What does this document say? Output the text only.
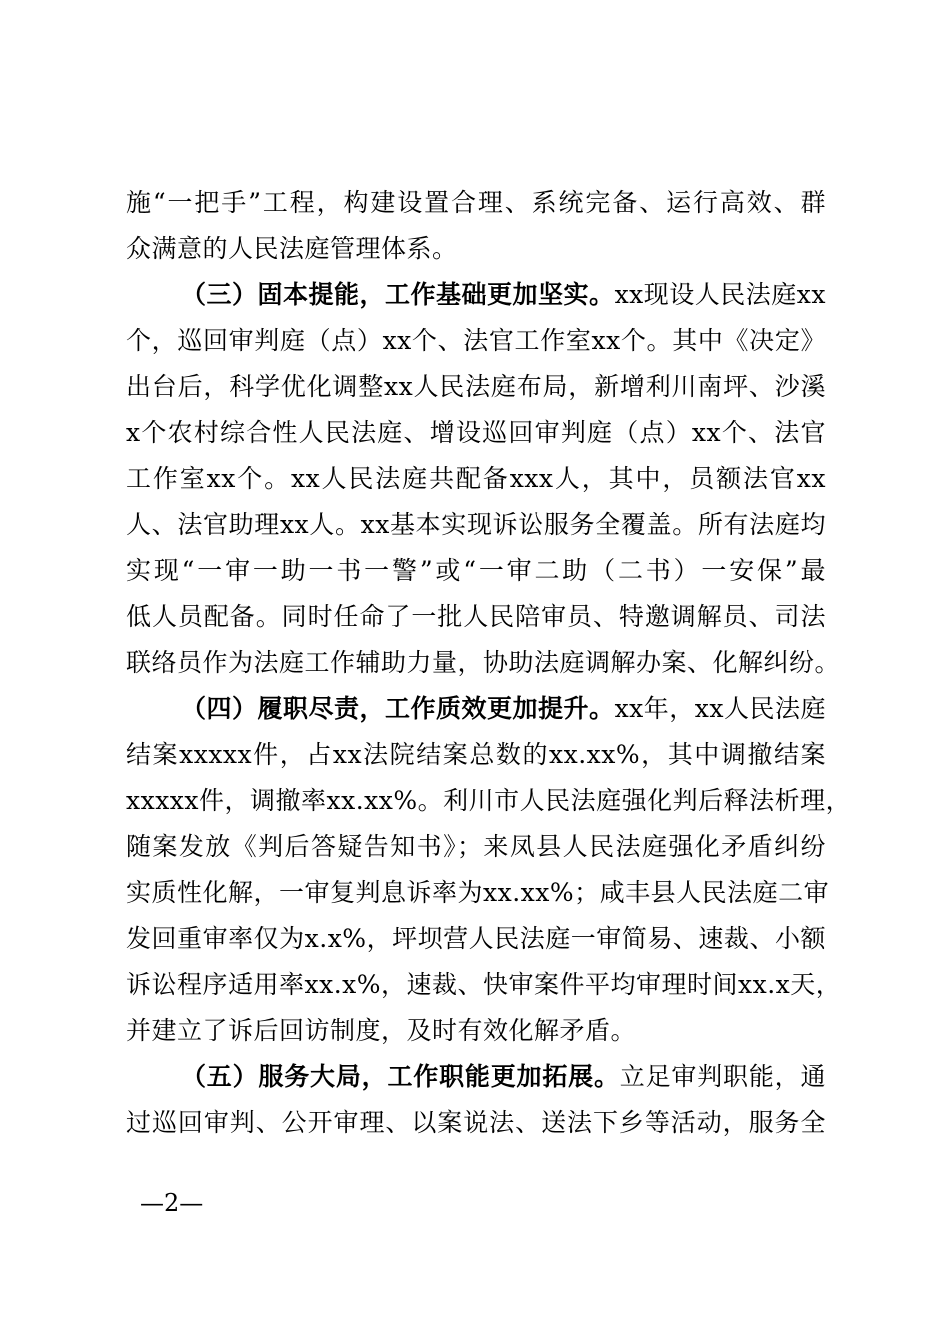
施“一把手”工程，构建设置合理、系统完备、运行高效、群
众满意的人民法庭管理体系。
（三）固本提能，工作基础更加坚实。xx现设人民法庭xx
个，巡回审判庭（点）xx个、法官工作室xx个。其中《决定》
出台后，科学优化调整xx人民法庭布局，新增利川南坪、沙溪
x个农村综合性人民法庭、增设巡回审判庭（点）xx个、法官
工作室xx个。xx人民法庭共配备xxx人，其中，员额法官xx
人、法官助理xx人。xx基本实现诉讼服务全覆盖。所有法庭均
实现“一审一助一书一警”或“一审二助（二书）一安保”最
低人员配备。同时任命了一批人民陪审员、特邀调解员、司法
联络员作为法庭工作辅助力量，协助法庭调解办案、化解纠纷。
（四）履职尽责，工作质效更加提升。xx年，xx人民法庭
结案xxxxx件，占xx法院结案总数的xx.xx%，其中调撤结案
xxxxx件，调撤率xx.xx%。利川市人民法庭强化判后释法析理，
随案发放《判后答疑告知书》；来凤县人民法庭强化矛盾纠纷
实质性化解，一审复判息诉率为xx.xx%；咸丰县人民法庭二审
发回重审率仅为x.x%，坪坝营人民法庭一审简易、速裁、小额
诉讼程序适用率xx.x%，速裁、快审案件平均审理时间xx.x天，
并建立了诉后回访制度，及时有效化解矛盾。
（五）服务大局，工作职能更加拓展。立足审判职能，通
过巡回审判、公开审理、以案说法、送法下乡等活动，服务全
—2—
